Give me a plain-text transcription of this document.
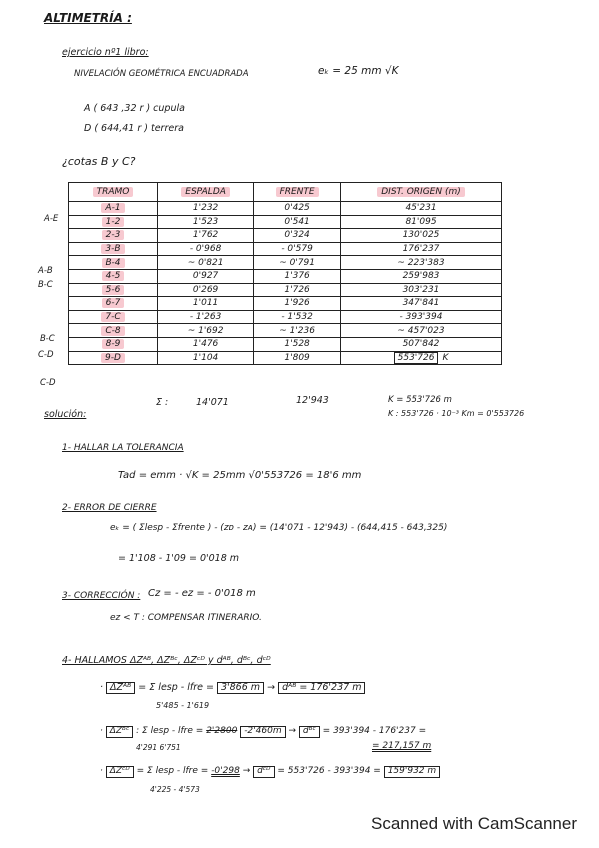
ALTIMETRÍA :
ejercicio nº1 libro:
NIVELACIÓN GEOMÉTRICA ENCUADRADA	eₖ = 25 mm √K
A ( 643 ,32 r ) cupula
D ( 644,41 r ) terrera
¿cotas B y C?
TRAMO	ESPALDA	FRENTE	DIST. ORIGEN (m)
A-1	1'232	0'425	45'231
1-2	1'523	0'541	81'095
2-3	1'762	0'324	130'025
3-B	- 0'968	- 0'579	176'237
B-4	~ 0'821	~ 0'791	~ 223'383
4-5	0'927	1'376	259'983
5-6	0'269	1'726	303'231
6-7	1'011	1'926	347'841
7-C	- 1'263	- 1'532	- 393'394
C-8	~ 1'692	~ 1'236	~ 457'023
8-9	1'476	1'528	507'842
9-D	1'104	1'809	553'726 K
A-E
A-B
B-C
B-C
C-D
C-D
Σ :	14'071	12'943	K = 553'726 m
K : 553'726 · 10⁻³ Km = 0'553726
solución:
1- HALLAR LA TOLERANCIA
Tad = emm · √K = 25mm √0'553726 = 18'6 mm
2- ERROR DE CIERRE
eₖ = ( Σlesp - Σfrente ) - (zᴅ - zᴀ) = (14'071 - 12'943) - (644,415 - 643,325)
= 1'108 - 1'09 = 0'018 m
3- CORRECCIÓN : Cz = - ez = - 0'018 m
ez < T : COMPENSAR ITINERARIO.
4- HALLAMOS ΔZᴬᴮ, ΔZᴮᶜ, ΔZᶜᴰ y dᴬᴮ, dᴮᶜ, dᶜᴰ
· ΔZᴬᴮ = Σ lesp - lfre = 3'866 m → dᴬᴮ = 176'237 m
5'485 - 1'619
· ΔZᴮᶜ : Σ lesp - lfre = 2'2800 -2'460m → dᴮᶜ = 393'394 - 176'237 =
= 217,157 m
4'291 6'751
· ΔZᶜᴰ = Σ lesp - lfre = -0'298 → dᶜᴰ = 553'726 - 393'394 = 159'932 m
4'225 - 4'573
Scanned with CamScanner
